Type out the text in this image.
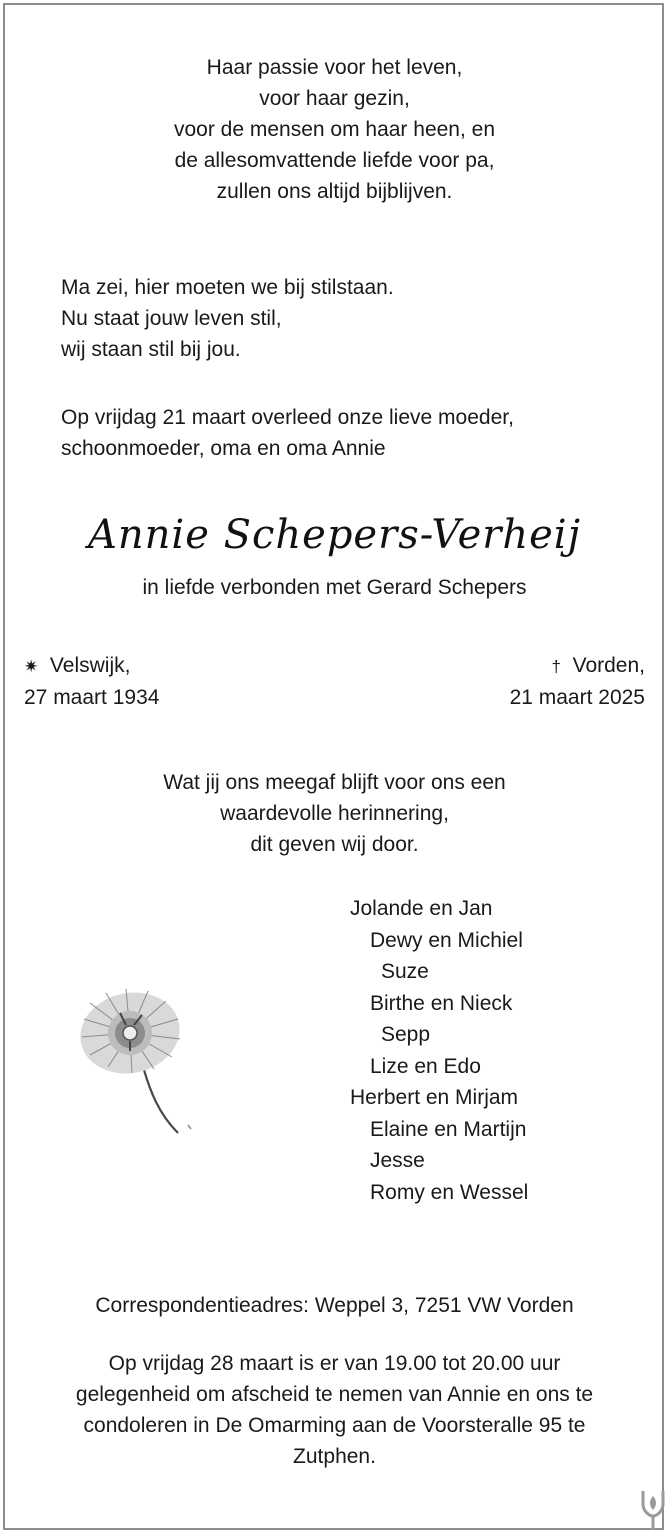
Haar passie voor het leven,
voor haar gezin,
voor de mensen om haar heen, en
de allesomvattende liefde voor pa,
zullen ons altijd bijblijven.
Ma zei, hier moeten we bij stilstaan.
Nu staat jouw leven stil,
wij staan stil bij jou.
Op vrijdag 21 maart overleed onze lieve moeder,
schoonmoeder, oma en oma Annie
Annie Schepers-Verheij
in liefde verbonden met Gerard Schepers
✷ Velswijk,
27 maart 1934
† Vorden,
21 maart 2025
Wat jij ons meegaf blijft voor ons een
waardevolle herinnering,
dit geven wij door.
Jolande en Jan
Dewy en Michiel
Suze
Birthe en Nieck
Sepp
Lize en Edo
Herbert en Mirjam
Elaine en Martijn
Jesse
Romy en Wessel
Correspondentieadres: Weppel 3, 7251 VW Vorden
Op vrijdag 28 maart is er van 19.00 tot 20.00 uur
gelegenheid om afscheid te nemen van Annie en ons te
condoleren in De Omarming aan de Voorsteralle 95 te
Zutphen.
